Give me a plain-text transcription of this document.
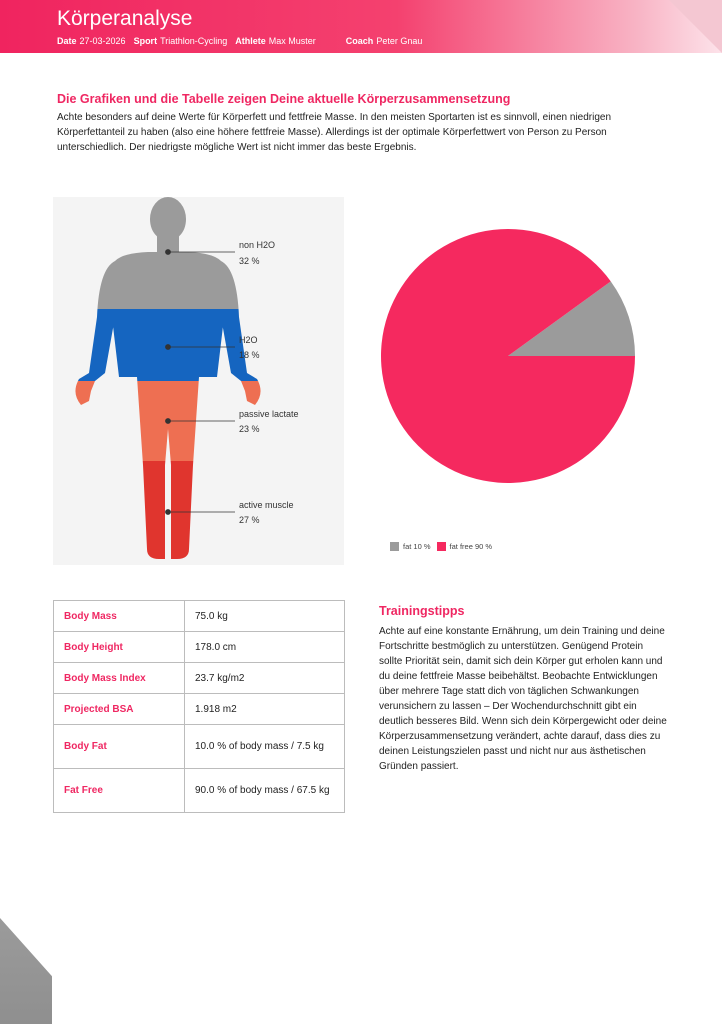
Körperanalyse
Date 27-03-2026 Sport Triathlon-Cycling Athlete Max Muster	Coach Peter Gnau
Die Grafiken und die Tabelle zeigen Deine aktuelle Körperzusammensetzung
Achte besonders auf deine Werte für Körperfett und fettfreie Masse. In den meisten Sportarten ist es sinnvoll, einen niedrigen Körperfettanteil zu haben (also eine höhere fettfreie Masse). Allerdings ist der optimale Körperfettwert von Person zu Person unterschiedlich. Der niedrigste mögliche Wert ist nicht immer das beste Ergebnis.
non H2O
32 %
H2O
18 %
passive lactate
23 %
active muscle
27 %
fat 10 %	fat free 90 %
Body Mass	75.0 kg
Body Height	178.0 cm
Body Mass Index	23.7 kg/m2
Projected BSA	1.918 m2
Body Fat	10.0 % of body mass / 7.5 kg
Fat Free	90.0 % of body mass / 67.5 kg
Trainingstipps
Achte auf eine konstante Ernährung, um dein Training und deine Fortschritte bestmöglich zu unterstützen. Genügend Protein sollte Priorität sein, damit sich dein Körper gut erholen kann und du deine fettfreie Masse beibehältst. Beobachte Entwicklungen über mehrere Tage statt dich von täglichen Schwankungen verunsichern zu lassen – Der Wochendurchschnitt gibt ein deutlich besseres Bild. Wenn sich dein Körpergewicht oder deine Körperzusammensetzung verändert, achte darauf, dass dies zu deinen Leistungszielen passt und nicht nur aus ästhetischen Gründen passiert.
